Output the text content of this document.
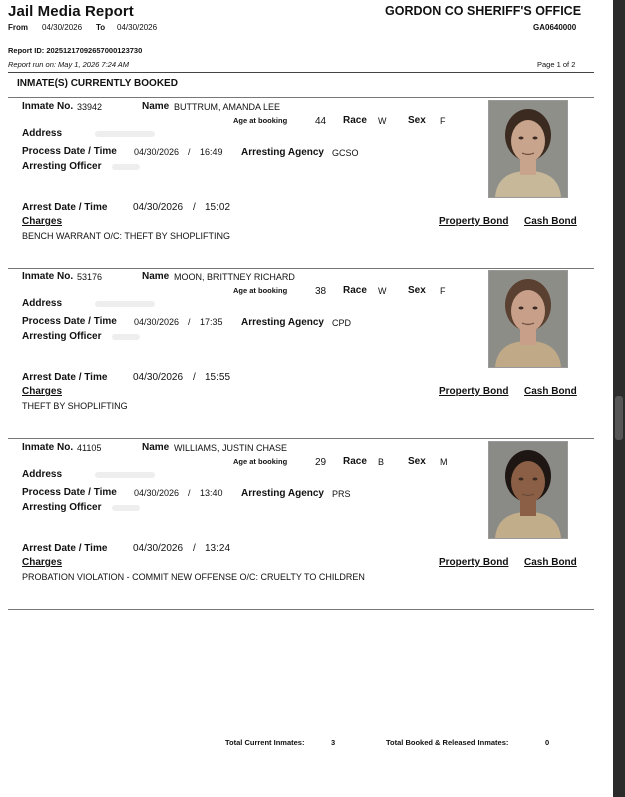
Jail Media Report
From 04/30/2026 To 04/30/2026
GORDON CO SHERIFF'S OFFICE
GA0640000
Report ID: 20251217092657000123730
Report run on: May 1, 2026 7:24 AM	Page 1 of 2
INMATE(S) CURRENTLY BOOKED
Inmate No. 33942	Name BUTTRUM, AMANDA LEE
Age at booking	44 Race W Sex F
Address
Process Date / Time 04/30/2026 / 16:49 Arresting Agency GCSO
Arresting Officer
Arrest Date / Time	04/30/2026 / 15:02
Charges	Property Bond Cash Bond
BENCH WARRANT O/C: THEFT BY SHOPLIFTING
Inmate No. 53176	Name MOON, BRITTNEY RICHARD
Age at booking	38 Race W Sex F
Address
Process Date / Time 04/30/2026 / 17:35 Arresting Agency CPD
Arresting Officer
Arrest Date / Time	04/30/2026 / 15:55
Charges	Property Bond Cash Bond
THEFT BY SHOPLIFTING
Inmate No. 41105	Name WILLIAMS, JUSTIN CHASE
Age at booking	29 Race B Sex M
Address
Process Date / Time 04/30/2026 / 13:40 Arresting Agency PRS
Arresting Officer
Arrest Date / Time	04/30/2026 / 13:24
Charges	Property Bond Cash Bond
PROBATION VIOLATION - COMMIT NEW OFFENSE O/C: CRUELTY TO CHILDREN
Total Current Inmates:	3	Total Booked & Released Inmates:	0
